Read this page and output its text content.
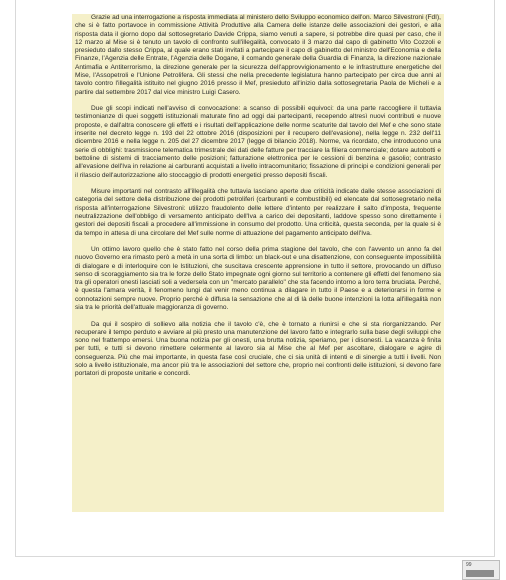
Grazie ad una interrogazione a risposta immediata al ministero dello Sviluppo economico dell'on. Marco Silvestroni (FdI), che si è fatto portavoce in commissione Attività Produttive alla Camera delle istanze delle associazioni dei gestori, e alla risposta data il giorno dopo dal sottosegretario Davide Crippa, siamo venuti a sapere, si potrebbe dire quasi per caso, che il 12 marzo al Mise si è tenuto un tavolo di confronto sull'illegalità, convocato il 3 marzo dal capo di gabinetto Vito Cozzoli e presieduto dallo stesso Crippa, al quale erano stati invitati a partecipare il capo di gabinetto del ministro dell'Economia e della Finanze, l'Agenzia delle Entrate, l'Agenzia delle Dogane, il comando generale della Guardia di Finanza, la direzione nazionale Antimafia e Antiterrorismo, la direzione generale per la sicurezza dell'approvvigionamento e le infrastrutture energetiche del Mise, l'Assopetroli e l'Unione Petrolifera. Gli stessi che nella precedente legislatura hanno partecipato per circa due anni al tavolo contro l'illegalità istituito nel giugno 2016 presso il Mef, presieduto all'inizio dalla sottosegretaria Paola de Micheli e a partire dal settembre 2017 dal vice ministro Luigi Casero.

Due gli scopi indicati nell'avviso di convocazione: a scanso di possibili equivoci: da una parte raccogliere il tuttavia testimonianze di quei soggetti istituzionali maturate fino ad oggi dai partecipanti, recependo altresì nuovi contributi e nuove proposte, e dall'altra conoscere gli effetti e i risultati dell'applicazione delle norme scaturite dal tavolo del Mef e che sono state inserite nel decreto legge n. 193 del 22 ottobre 2016 (disposizioni per il recupero dell'evasione), nella legge n. 232 dell'11 dicembre 2016 e nella legge n. 205 del 27 dicembre 2017 (legge di bilancio 2018). Norme, va ricordato, che introducono una serie di obblighi: trasmissione telematica trimestrale dei dati delle fatture per tracciare la filiera commerciale; dotare autobotti e bettoline di sistemi di tracciamento delle posizioni; fatturazione elettronica per le cessioni di benzina e gasolio; contrasto all'evasione dell'Iva in relazione ai carburanti acquistati a livello intracomunitario; fissazione di principi e condizioni generali per il rilascio dell'autorizzazione allo stoccaggio di prodotti energetici presso depositi fiscali.

Misure importanti nel contrasto all'illegalità che tuttavia lasciano aperte due criticità indicate dalle stesse associazioni di categoria del settore della distribuzione dei prodotti petroliferi (carburanti e combustibili) ed elencate dal sottosegretario nella risposta all'interrogazione Silvestroni: utilizzo fraudolento delle lettere d'intento per realizzare il salto d'imposta, frequente neutralizzazione dell'obbligo di versamento anticipato dell'Iva a carico dei depositanti, laddove spesso sono direttamente i gestori dei depositi fiscali a procedere all'immissione in consumo del prodotto. Una criticità, questa seconda, per la quale si è da tempo in attesa di una circolare del Mef sulle norme di attuazione del pagamento anticipato dell'Iva.

Un ottimo lavoro quello che è stato fatto nel corso della prima stagione del tavolo, che con l'avvento un anno fa del nuovo Governo era rimasto però a metà in una sorta di limbo: un black-out e una disattenzione, con conseguente impossibilità di dialogare e di interloquire con le Istituzioni, che suscitava crescente apprensione in tutto il settore, provocando un diffuso senso di scoraggiamento sia tra le forze dello Stato impegnate ogni giorno sul territorio a contenere gli effetti del fenomeno sia tra gli operatori onesti lasciati soli a vedersela con un "mercato parallelo" che sta facendo intorno a loro terra bruciata. Perché, è questa l'amara verità, il fenomeno lungi dal venir meno continua a dilagare in tutto il Paese e a deteriorarsi in forme e connotazioni sempre nuove. Proprio perché è diffusa la sensazione che al di là delle buone intenzioni la lotta all'illegalità non sia tra le priorità dell'attuale maggioranza di governo.

Da qui il sospiro di sollievo alla notizia che il tavolo c'è, che è tornato a riunirsi e che si sta riorganizzando. Per recuperare il tempo perduto e avviare al più presto una manutenzione del lavoro fatto e integrarlo sulla base degli sviluppi che sono nel frattempo emersi. Una buona notizia per gli onesti, una brutta notizia, speriamo, per i disonesti. La vacanza è finita per tutti, e tutti si devono rimettere celermente al lavoro sia al Mise che al Mef per ascoltare, dialogare e agire di conseguenza. Più che mai importante, in questa fase così cruciale, che ci sia unità di intenti e di sinergie a tutti i livelli. Non solo a livello istituzionale, ma ancor più tra le associazioni del settore che, proprio nei confronti delle istituzioni, si devono fare portatori di proposte unitarie e concordi.

99
